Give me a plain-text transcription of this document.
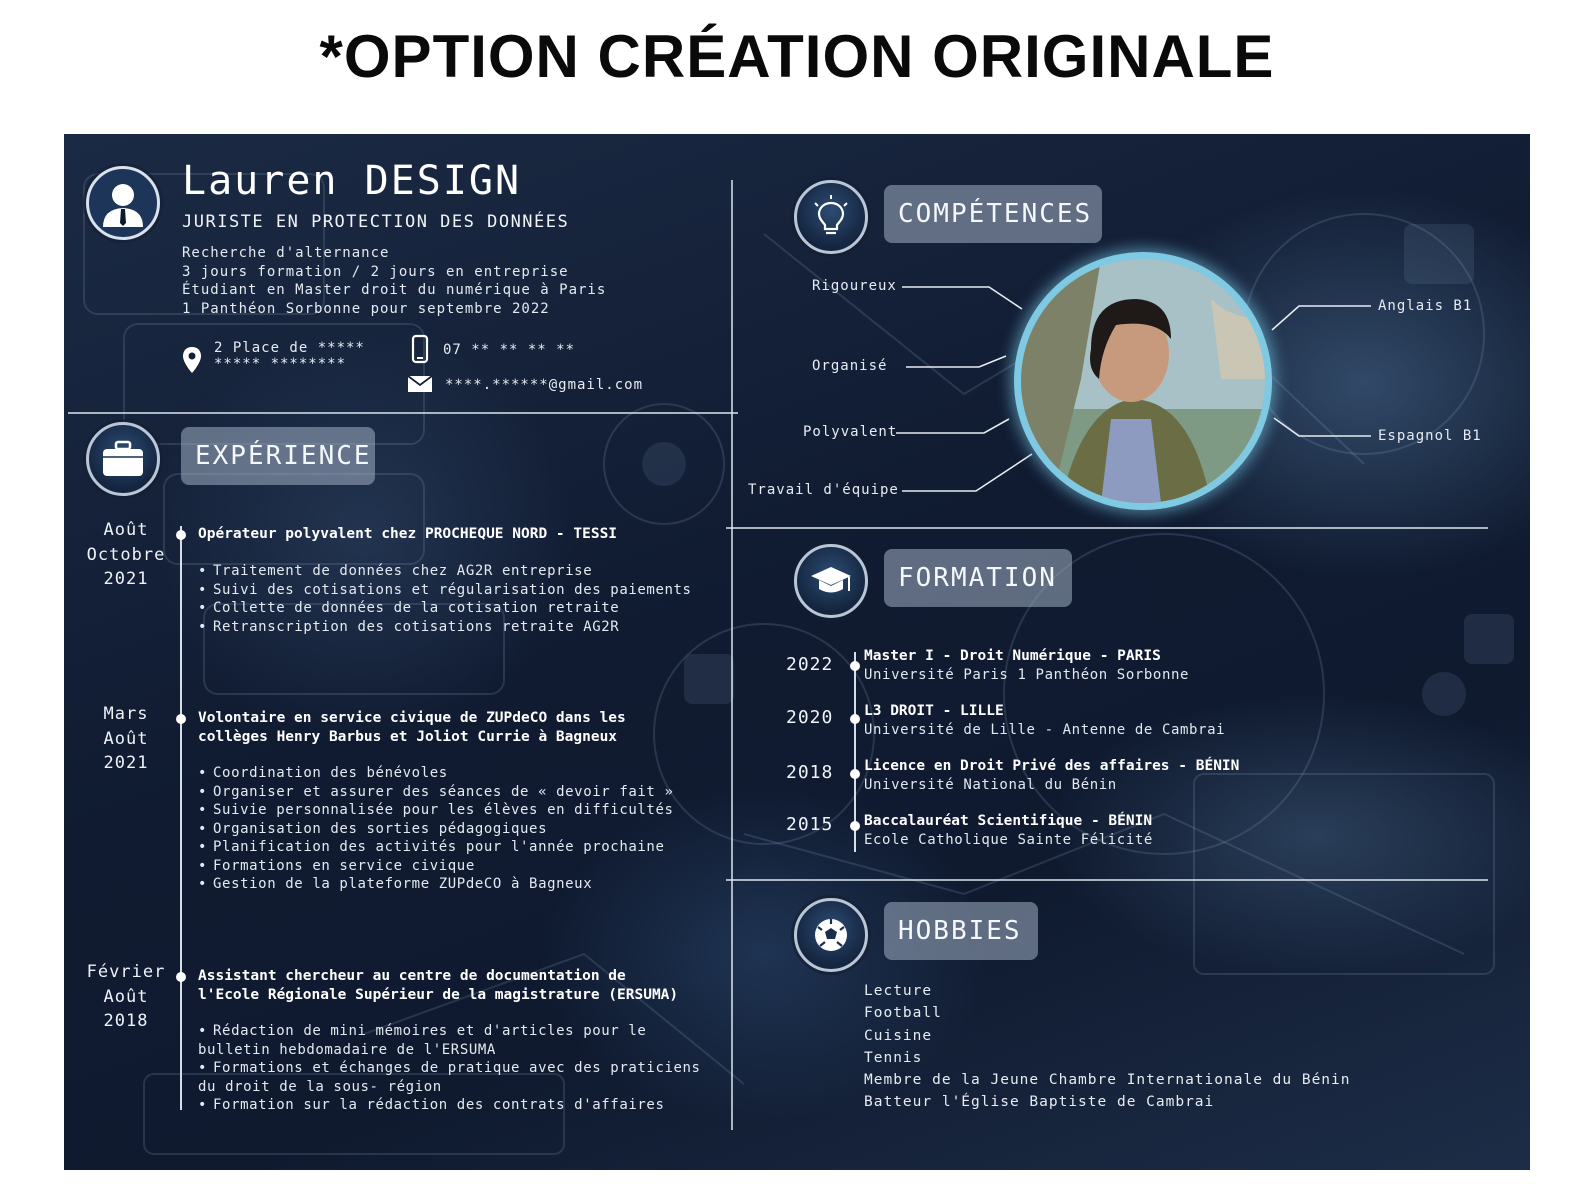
*OPTION CRÉATION ORIGINALE
Lauren DESIGN
JURISTE EN PROTECTION DES DONNÉES
Recherche d'alternance
3 jours formation / 2 jours en entreprise
Étudiant en Master droit du numérique à Paris
1 Panthéon Sorbonne pour septembre 2022
2 Place de *****
***** ********
07 ** ** ** **
****.******@gmail.com
EXPÉRIENCE
Août
Octobre
2021
Opérateur polyvalent chez PROCHEQUE NORD - TESSI
• Traitement de données chez AG2R entreprise
• Suivi des cotisations et régularisation des paiements
• Collette de données de la cotisation retraite
• Retranscription des cotisations retraite AG2R
Mars
Août
2021
Volontaire en service civique de ZUPdeCO dans les
collèges Henry Barbus et Joliot Currie à Bagneux
• Coordination des bénévoles
• Organiser et assurer des séances de « devoir fait »
• Suivie personnalisée pour les élèves en difficultés
• Organisation des sorties pédagogiques
• Planification des activités pour l'année prochaine
• Formations en service civique
• Gestion de la plateforme ZUPdeCO à Bagneux
Février
Août
2018
Assistant chercheur au centre de documentation de
l'Ecole Régionale Supérieur de la magistrature (ERSUMA)
• Rédaction de mini mémoires et d'articles pour le bulletin hebdomadaire de l'ERSUMA
• Formations et échanges de pratique avec des praticiens du droit de la sous- région
• Formation sur la rédaction des contrats d'affaires
COMPÉTENCES
Rigoureux
Organisé
Polyvalent
Travail d'équipe
Anglais B1
Espagnol B1
FORMATION
2022 Master I - Droit Numérique - PARIS
Université Paris 1 Panthéon Sorbonne
2020 L3 DROIT - LILLE
Université de Lille - Antenne de Cambrai
2018 Licence en Droit Privé des affaires - BÉNIN
Université National du Bénin
2015 Baccalauréat Scientifique - BÉNIN
Ecole Catholique Sainte Félicité
HOBBIES
Lecture
Football
Cuisine
Tennis
Membre de la Jeune Chambre Internationale du Bénin
Batteur l'Église Baptiste de Cambrai
